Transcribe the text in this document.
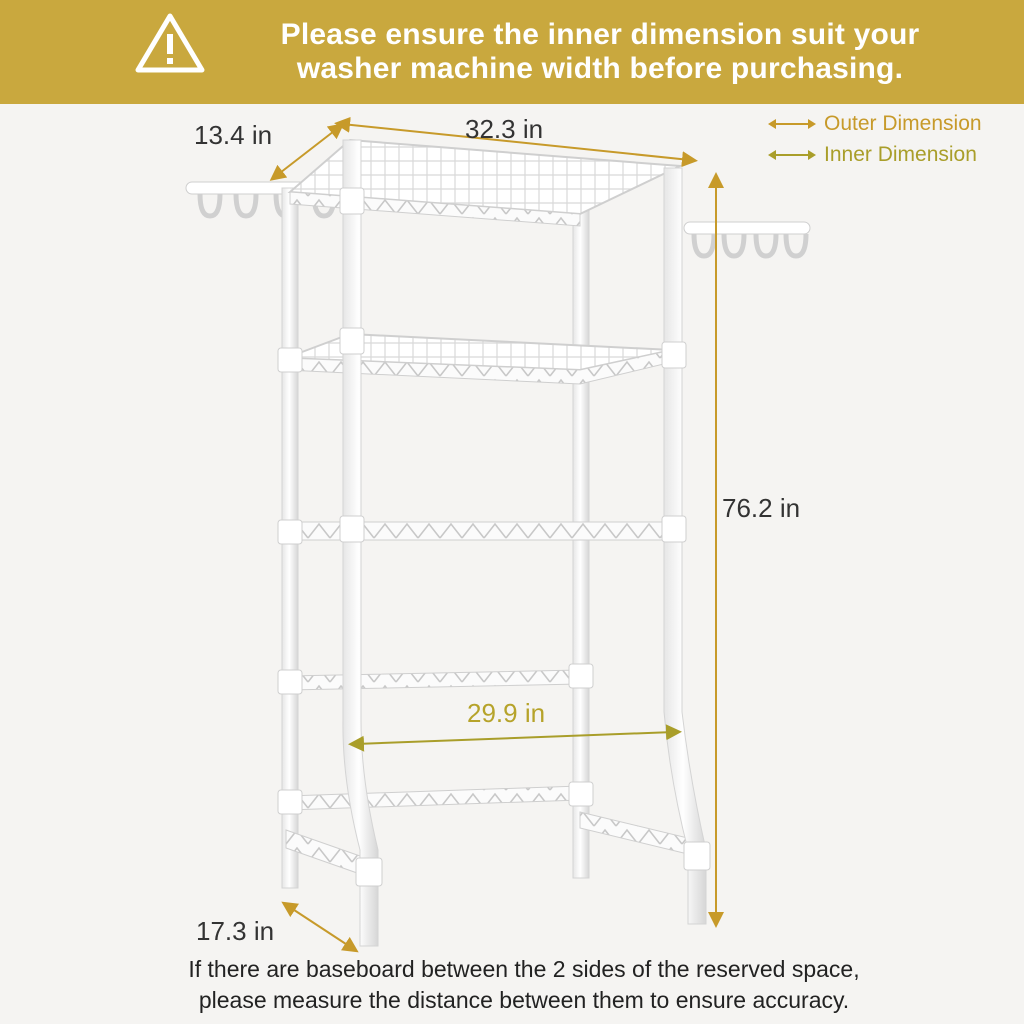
Please ensure the inner dimension suit your
washer machine width before purchasing.
13.4 in	32.3 in
76.2 in
29.9 in
17.3 in
Outer Dimension
Inner Dimension
If there are baseboard between the 2 sides of the reserved space,
please measure the distance between them to ensure accuracy.
